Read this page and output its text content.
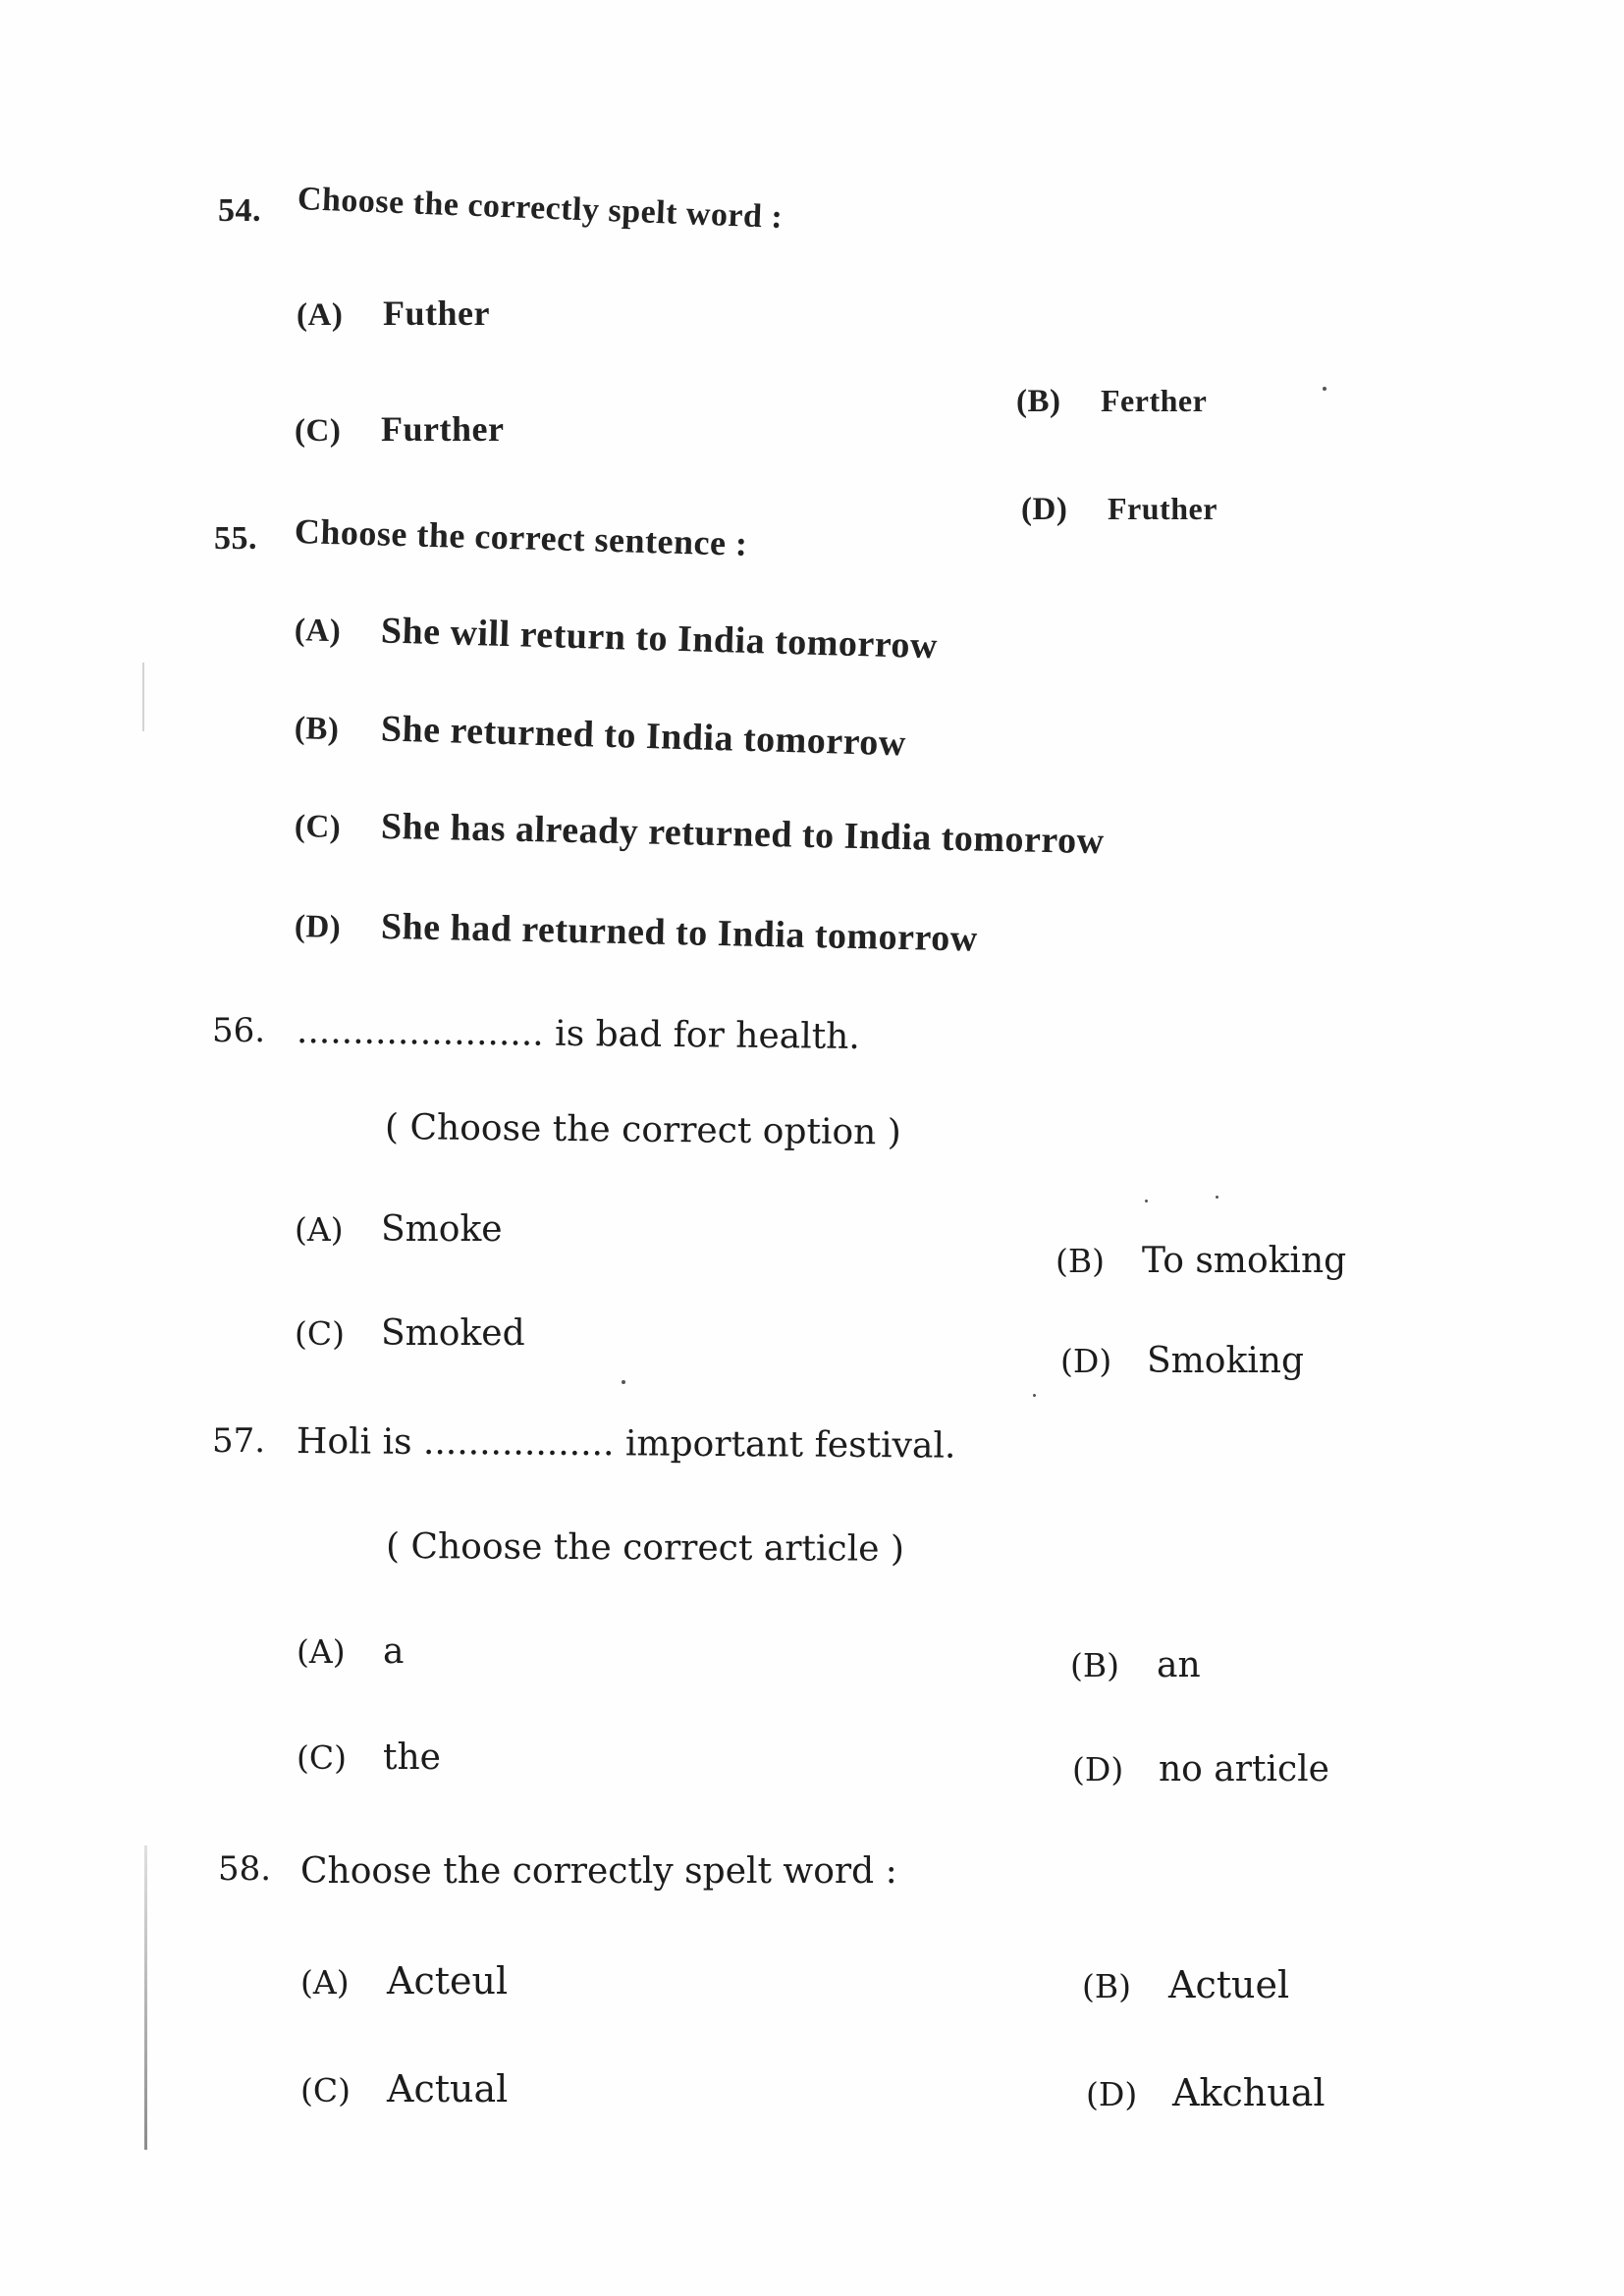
54. Choose the correctly spelt word :
(A)	Futher
(B)	Ferther
(C)	Further
(D)	Fruther
55. Choose the correct sentence :
(A)	She will return to India tomorrow
(B)	She returned to India tomorrow
(C)	She has already returned to India tomorrow
(D)	She had returned to India tomorrow
56. ...................... is bad for health.
( Choose the correct option )
(A)	Smoke
(B)	To smoking
(C)	Smoked
(D) Smoking
57. Holi is ................. important festival.
( Choose the correct article )
(A)	a	(B)	an
(C)	the	(D) no article
58. Choose the correctly spelt word :
(A)	Acteul	(B)	Actuel
(C) Actual	(D) Akchual
